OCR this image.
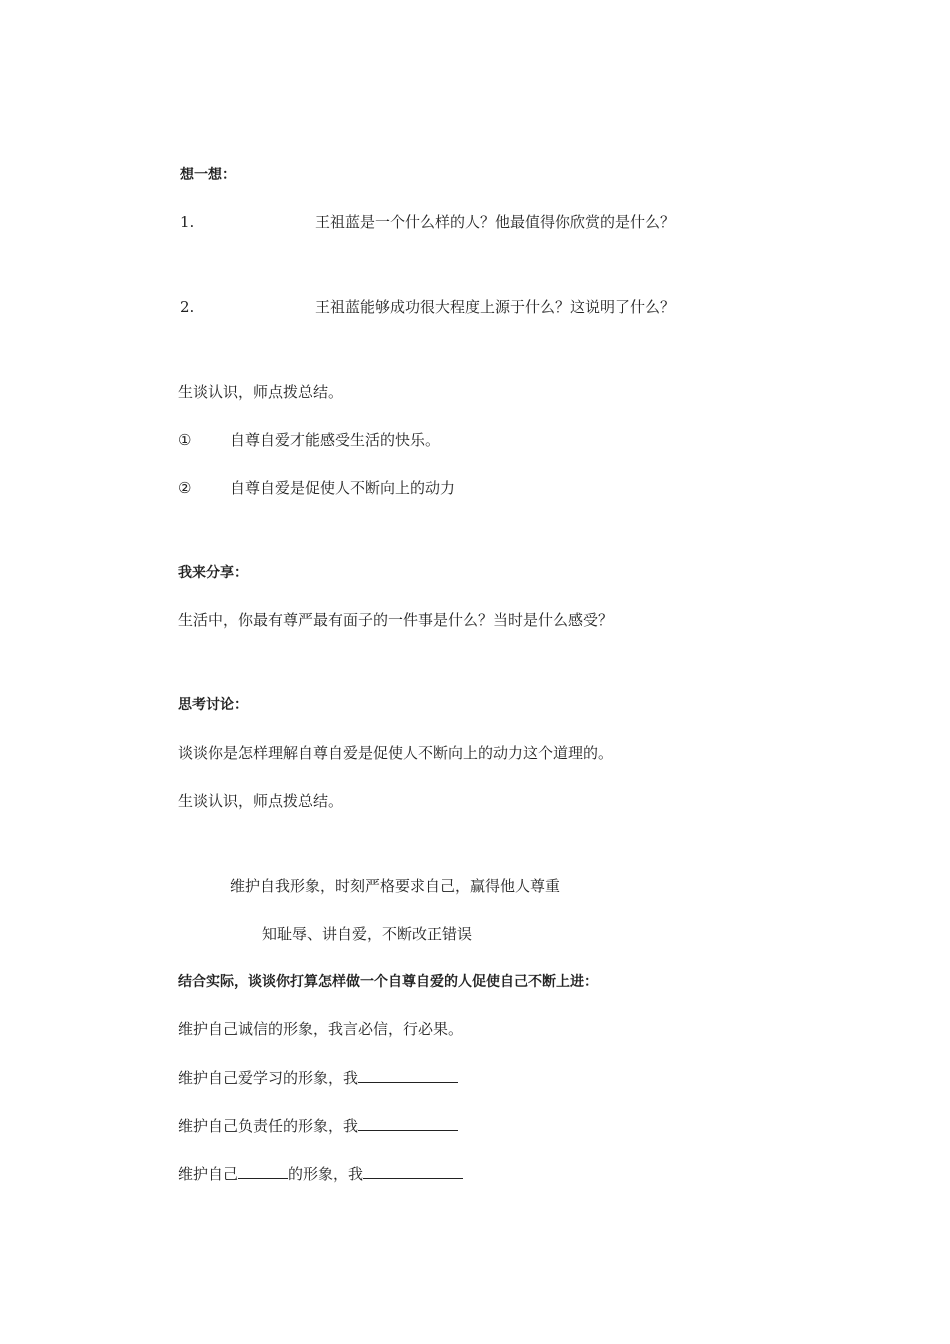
想一想：
1.	王祖蓝是一个什么样的人？他最值得你欣赏的是什么？
2.	王祖蓝能够成功很大程度上源于什么？这说明了什么？
生谈认识，师点拨总结。
①	自尊自爱才能感受生活的快乐。
②	自尊自爱是促使人不断向上的动力
我来分享：
生活中，你最有尊严最有面子的一件事是什么？当时是什么感受？
思考讨论：
谈谈你是怎样理解自尊自爱是促使人不断向上的动力这个道理的。
生谈认识，师点拨总结。
维护自我形象，时刻严格要求自己，赢得他人尊重
知耻辱、讲自爱，不断改正错误
结合实际，谈谈你打算怎样做一个自尊自爱的人促使自己不断上进：
维护自己诚信的形象，我言必信，行必果。
维护自己爱学习的形象，我
维护自己负责任的形象，我
维护自己	的形象，我
